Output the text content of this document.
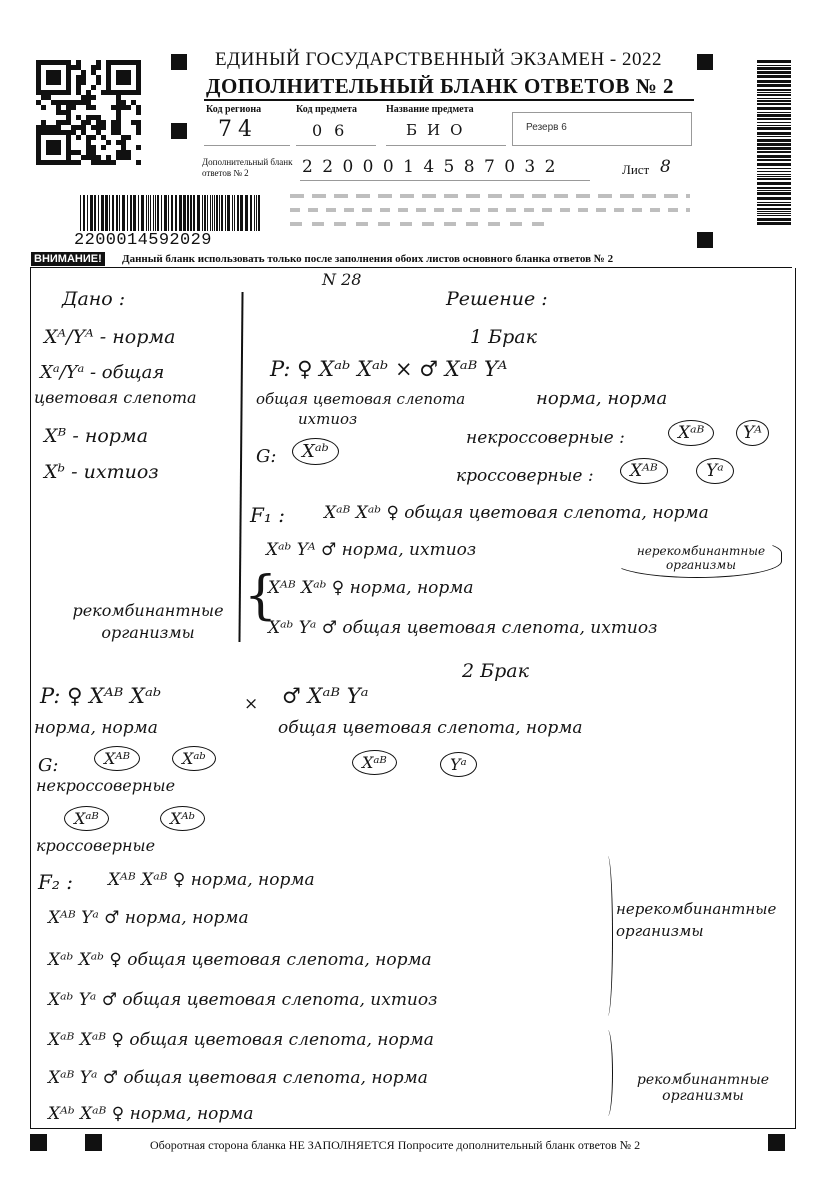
ЕДИНЫЙ ГОСУДАРСТВЕННЫЙ ЭКЗАМЕН - 2022
ДОПОЛНИТЕЛЬНЫЙ БЛАНК ОТВЕТОВ № 2
Код региона	Код предмета	Название предмета
74	06	БИО	Резерв 6
Дополнительный бланк ответов № 2	2 2 0 0 0 1 4 5 8 7 0 3 2	Лист 8
2200014592029
ВНИМАНИЕ! Данный бланк использовать только после заполнения обоих листов основного бланка ответов № 2
N 28
Дано :
Xᴬ/Yᴬ - норма
Xᵃ/Yᵃ - общая
цветовая слепота
Xᴮ - норма
Xᵇ - ихтиоз
Решение :
1 Брак
P: ♀ Xᵃᵇ Xᵃᵇ × ♂ Xᵃᴮ Yᴬ
общая цветовая слепота
ихтиоз
норма, норма
G:	Xᵃᵇ
некроссоверные :	Xᵃᴮ	Yᴬ
кроссоверные :	Xᴬᴮ	Yᵃ
F₁ : Xᵃᴮ Xᵃᵇ ♀ общая цветовая слепота, норма
Xᵃᵇ Yᴬ ♂ норма, ихтиоз	нерекомбинантные организмы
{
Xᴬᴮ Xᵃᵇ ♀ норма, норма
Xᵃᵇ Yᵃ ♂ общая цветовая слепота, ихтиоз
рекомбинантные организмы
2 Брак
P: ♀ Xᴬᴮ Xᵃᵇ	× ♂ Xᵃᴮ Yᵃ
норма, норма	общая цветовая слепота, норма
G:	Xᴬᴮ	Xᵃᵇ	Xᵃᴮ	Yᵃ
некроссоверные
Xᵃᴮ	Xᴬᵇ
кроссоверные
F₂ : Xᴬᴮ Xᵃᴮ ♀ норма, норма
Xᴬᴮ Yᵃ ♂ норма, норма
Xᵃᵇ Xᵃᵇ ♀ общая цветовая слепота, норма
Xᵃᵇ Yᵃ ♂ общая цветовая слепота, ихтиоз
Xᵃᴮ Xᵃᴮ ♀ общая цветовая слепота, норма
Xᵃᴮ Yᵃ ♂ общая цветовая слепота, норма
Xᴬᵇ Xᵃᴮ ♀ норма, норма
нерекомбинантные организмы
рекомбинантные организмы
Оборотная сторона бланка НЕ ЗАПОЛНЯЕТСЯ Попросите дополнительный бланк ответов № 2
